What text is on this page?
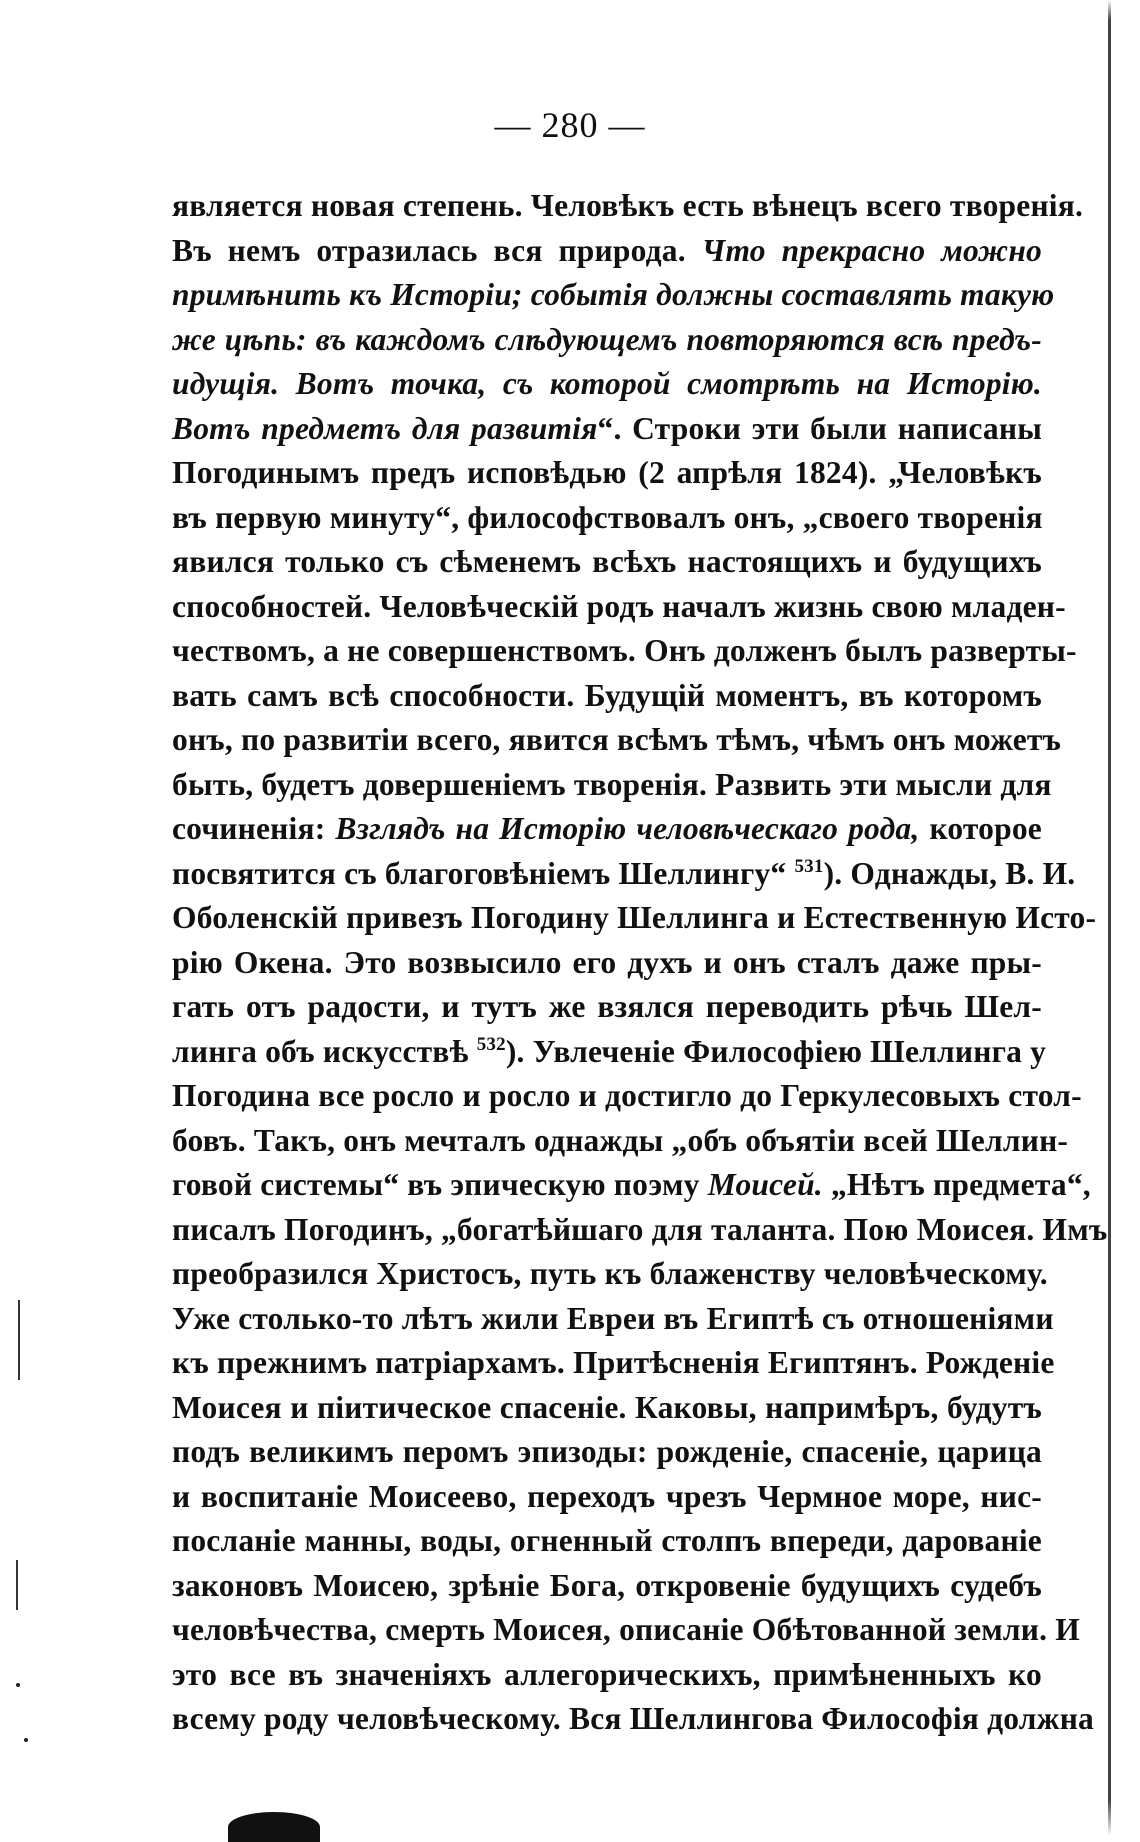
— 280 —
является новая степень. Человѣкъ есть вѣнецъ всего творенія.
Въ немъ отразилась вся природа. Что прекрасно можно
примѣнить къ Исторіи; событія должны составлять такую
же цѣпь: въ каждомъ слѣдующемъ повторяются всѣ предъ-
идущія. Вотъ точка, съ которой смотрѣть на Исторію.
Вотъ предметъ для развитія“. Строки эти были написаны
Погодинымъ предъ исповѣдью (2 апрѣля 1824). „Человѣкъ
въ первую минуту“, философствовалъ онъ, „своего творенія
явился только съ сѣменемъ всѣхъ настоящихъ и будущихъ
способностей. Человѣческій родъ началъ жизнь свою младен-
чествомъ, а не совершенствомъ. Онъ долженъ былъ разверты-
вать самъ всѣ способности. Будущій моментъ, въ которомъ
онъ, по развитіи всего, явится всѣмъ тѣмъ, чѣмъ онъ можетъ
быть, будетъ довершеніемъ творенія. Развить эти мысли для
сочиненія: Взглядъ на Исторію человѣческаго рода, которое
посвятится съ благоговѣніемъ Шеллингу“ $^{531}$). Однажды, В. И.
Оболенскій привезъ Погодину Шеллинга и Естественную Исто-
рію Окена. Это возвысило его духъ и онъ сталъ даже пры-
гать отъ радости, и тутъ же взялся переводить рѣчь Шел-
линга объ искусствѣ $^{532}$). Увлеченіе Философіею Шеллинга у
Погодина все росло и росло и достигло до Геркулесовыхъ стол-
бовъ. Такъ, онъ мечталъ однажды „объ объятіи всей Шеллин-
говой системы“ въ эпическую поэму Моисей. „Нѣтъ предмета“,
писалъ Погодинъ, „богатѣйшаго для таланта. Пою Моисея. Имъ
преобразился Христосъ, путь къ блаженству человѣческому.
Уже столько-то лѣтъ жили Евреи въ Египтѣ съ отношеніями
къ прежнимъ патріархамъ. Притѣсненія Египтянъ. Рожденіе
Моисея и пiитическое спасеніе. Каковы, напримѣръ, будутъ
подъ великимъ перомъ эпизоды: рожденіе, спасеніе, царица
и воспитаніе Моисеево, переходъ чрезъ Чермное море, нис-
посланіе манны, воды, огненный столпъ впереди, дарованіе
законовъ Моисею, зрѣніе Бога, откровеніе будущихъ судебъ
человѣчества, смерть Моисея, описаніе Обѣтованной земли. И
это все въ значеніяхъ аллегорическихъ, примѣненныхъ ко
всему роду человѣческому. Вся Шеллингова Философія должна
